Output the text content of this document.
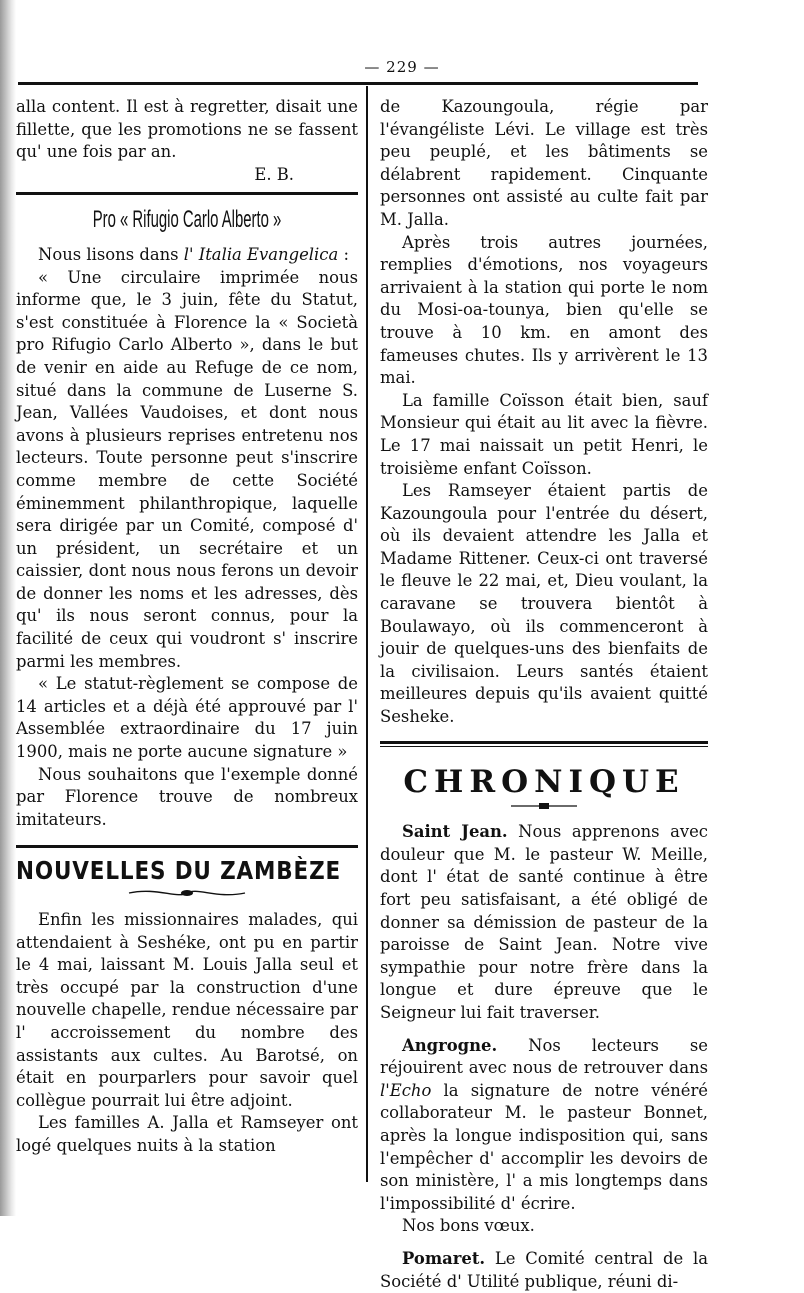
— 229 —

alla content. Il est à regretter, disait une fillette, que les promotions ne se fassent qu' une fois par an.

E. B.

Pro « Rifugio Carlo Alberto »

Nous lisons dans l' Italia Evangelica :

« Une circulaire imprimée nous informe que, le 3 juin, fête du Statut, s'est constituée à Florence la « Società pro Rifugio Carlo Alberto », dans le but de venir en aide au Refuge de ce nom, situé dans la commune de Luserne S. Jean, Vallées Vaudoises, et dont nous avons à plusieurs reprises entretenu nos lecteurs. Toute personne peut s'inscrire comme membre de cette Société éminemment philanthropique, laquelle sera dirigée par un Comité, composé d' un président, un secrétaire et un caissier, dont nous nous ferons un devoir de donner les noms et les adresses, dès qu' ils nous seront connus, pour la facilité de ceux qui voudront s' inscrire parmi les membres.

« Le statut-règlement se compose de 14 articles et a déjà été approuvé par l' Assemblée extraordinaire du 17 juin 1900, mais ne porte aucune signature »

Nous souhaitons que l'exemple donné par Florence trouve de nombreux imitateurs.

NOUVELLES DU ZAMBÈZE

Enfin les missionnaires malades, qui attendaient à Seshéke, ont pu en partir le 4 mai, laissant M. Louis Jalla seul et très occupé par la construction d'une nouvelle chapelle, rendue nécessaire par l' accroissement du nombre des assistants aux cultes. Au Barotsé, on était en pourparlers pour savoir quel collègue pourrait lui être adjoint.

Les familles A. Jalla et Ramseyer ont logé quelques nuits à la station

de Kazoungoula, régie par l'évangéliste Lévi. Le village est très peu peuplé, et les bâtiments se délabrent rapidement. Cinquante personnes ont assisté au culte fait par M. Jalla.

Après trois autres journées, remplies d'émotions, nos voyageurs arrivaient à la station qui porte le nom du Mosi-oa-tounya, bien qu'elle se trouve à 10 km. en amont des fameuses chutes. Ils y arrivèrent le 13 mai.

La famille Coïsson était bien, sauf Monsieur qui était au lit avec la fièvre. Le 17 mai naissait un petit Henri, le troisième enfant Coïsson.

Les Ramseyer étaient partis de Kazoungoula pour l'entrée du désert, où ils devaient attendre les Jalla et Madame Rittener. Ceux-ci ont traversé le fleuve le 22 mai, et, Dieu voulant, la caravane se trouvera bientôt à Boulawayo, où ils commenceront à jouir de quelques-uns des bienfaits de la civilisaion. Leurs santés étaient meilleures depuis qu'ils avaient quitté Sesheke.

CHRONIQUE

Saint Jean. Nous apprenons avec douleur que M. le pasteur W. Meille, dont l' état de santé continue à être fort peu satisfaisant, a été obligé de donner sa démission de pasteur de la paroisse de Saint Jean. Notre vive sympathie pour notre frère dans la longue et dure épreuve que le Seigneur lui fait traverser.

Angrogne. Nos lecteurs se réjouirent avec nous de retrouver dans l'Echo la signature de notre vénéré collaborateur M. le pasteur Bonnet, après la longue indisposition qui, sans l'empêcher d' accomplir les devoirs de son ministère, l' a mis longtemps dans l'impossibilité d' écrire.

Nos bons vœux.

Pomaret. Le Comité central de la Société d' Utilité publique, réuni di-
